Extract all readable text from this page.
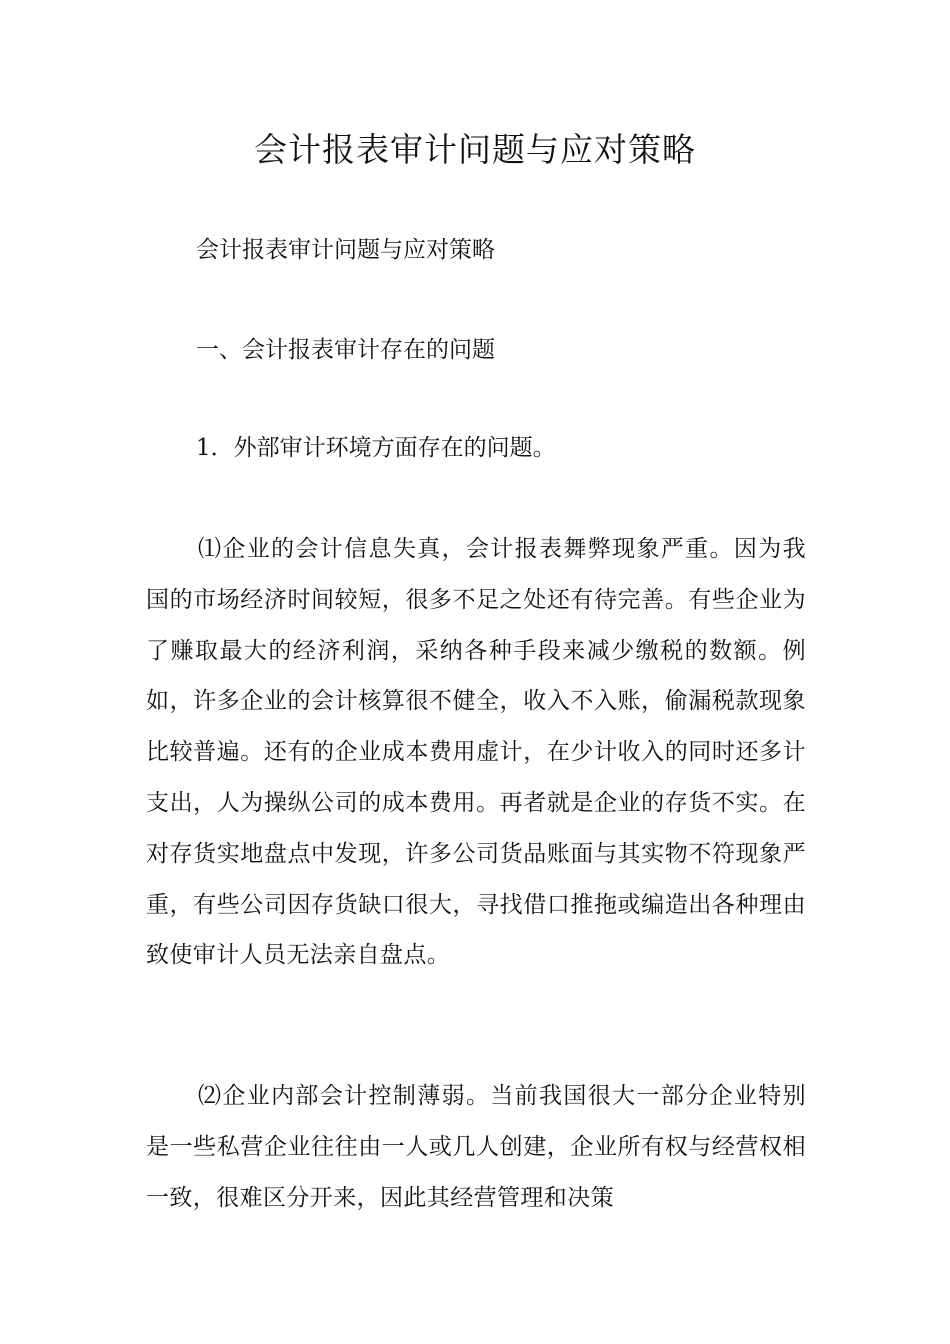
会计报表审计问题与应对策略

会计报表审计问题与应对策略

一、会计报表审计存在的问题

1．外部审计环境方面存在的问题。

⑴企业的会计信息失真，会计报表舞弊现象严重。因为我国的市场经济时间较短，很多不足之处还有待完善。有些企业为了赚取最大的经济利润，采纳各种手段来减少缴税的数额。例如，许多企业的会计核算很不健全，收入不入账，偷漏税款现象比较普遍。还有的企业成本费用虚计，在少计收入的同时还多计支出，人为操纵公司的成本费用。再者就是企业的存货不实。在对存货实地盘点中发现，许多公司货品账面与其实物不符现象严重，有些公司因存货缺口很大，寻找借口推拖或编造出各种理由致使审计人员无法亲自盘点。

⑵企业内部会计控制薄弱。当前我国很大一部分企业特别是一些私营企业往往由一人或几人创建，企业所有权与经营权相一致，很难区分开来，因此其经营管理和决策
